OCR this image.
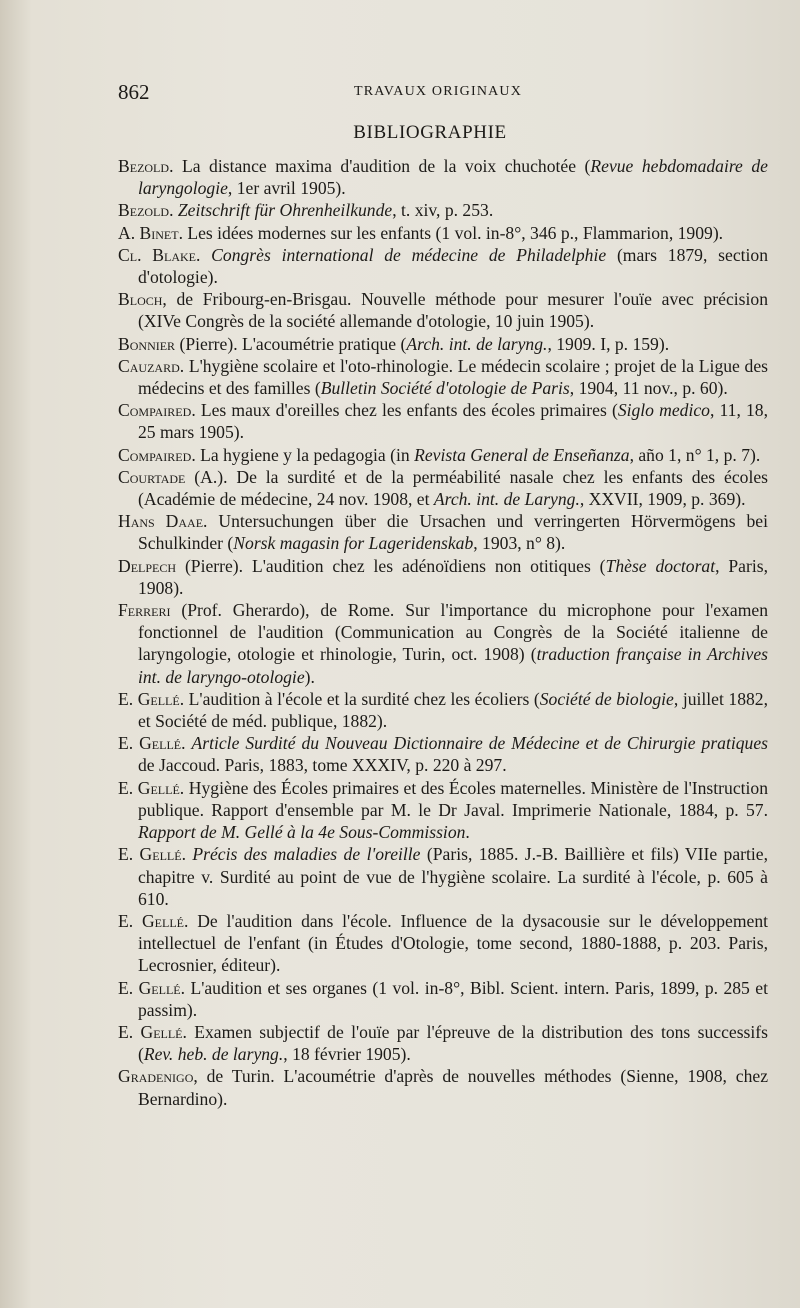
862	TRAVAUX ORIGINAUX
BIBLIOGRAPHIE

Bezold. La distance maxima d'audition de la voix chuchotée (Revue hebdomadaire de laryngologie, 1er avril 1905).

Bezold. Zeitschrift für Ohrenheilkunde, t. xiv, p. 253.

A. Binet. Les idées modernes sur les enfants (1 vol. in-8°, 346 p., Flammarion, 1909).

Cl. Blake. Congrès international de médecine de Philadelphie (mars 1879, section d'otologie).

Bloch, de Fribourg-en-Brisgau. Nouvelle méthode pour mesurer l'ouïe avec précision (XIVe Congrès de la société allemande d'otologie, 10 juin 1905).

Bonnier (Pierre). L'acoumétrie pratique (Arch. int. de laryng., 1909. I, p. 159).

Cauzard. L'hygiène scolaire et l'oto-rhinologie. Le médecin scolaire ; projet de la Ligue des médecins et des familles (Bulletin Société d'otologie de Paris, 1904, 11 nov., p. 60).

Compaired. Les maux d'oreilles chez les enfants des écoles primaires (Siglo medico, 11, 18, 25 mars 1905).

Compaired. La hygiene y la pedagogia (in Revista General de Enseñanza, año 1, n° 1, p. 7).

Courtade (A.). De la surdité et de la perméabilité nasale chez les enfants des écoles (Académie de médecine, 24 nov. 1908, et Arch. int. de Laryng., XXVII, 1909, p. 369).

Hans Daae. Untersuchungen über die Ursachen und verringerten Hörvermögens bei Schulkinder (Norsk magasin for Lageridenskab, 1903, n° 8).

Delpech (Pierre). L'audition chez les adénoïdiens non otitiques (Thèse doctorat, Paris, 1908).

Ferreri (Prof. Gherardo), de Rome. Sur l'importance du microphone pour l'examen fonctionnel de l'audition (Communication au Congrès de la Société italienne de laryngologie, otologie et rhinologie, Turin, oct. 1908) (traduction française in Archives int. de laryngo-otologie).

E. Gellé. L'audition à l'école et la surdité chez les écoliers (Société de biologie, juillet 1882, et Société de méd. publique, 1882).

E. Gellé. Article Surdité du Nouveau Dictionnaire de Médecine et de Chirurgie pratiques de Jaccoud. Paris, 1883, tome XXXIV, p. 220 à 297.

E. Gellé. Hygiène des Écoles primaires et des Écoles maternelles. Ministère de l'Instruction publique. Rapport d'ensemble par M. le Dr Javal. Imprimerie Nationale, 1884, p. 57. Rapport de M. Gellé à la 4e Sous-Commission.

E. Gellé. Précis des maladies de l'oreille (Paris, 1885. J.-B. Baillière et fils) VIIe partie, chapitre v. Surdité au point de vue de l'hygiène scolaire. La surdité à l'école, p. 605 à 610.

E. Gellé. De l'audition dans l'école. Influence de la dysacousie sur le développement intellectuel de l'enfant (in Études d'Otologie, tome second, 1880-1888, p. 203. Paris, Lecrosnier, éditeur).

E. Gellé. L'audition et ses organes (1 vol. in-8°, Bibl. Scient. intern. Paris, 1899, p. 285 et passim).

E. Gellé. Examen subjectif de l'ouïe par l'épreuve de la distribution des tons successifs (Rev. heb. de laryng., 18 février 1905).

Gradenigo, de Turin. L'acoumétrie d'après de nouvelles méthodes (Sienne, 1908, chez Bernardino).
